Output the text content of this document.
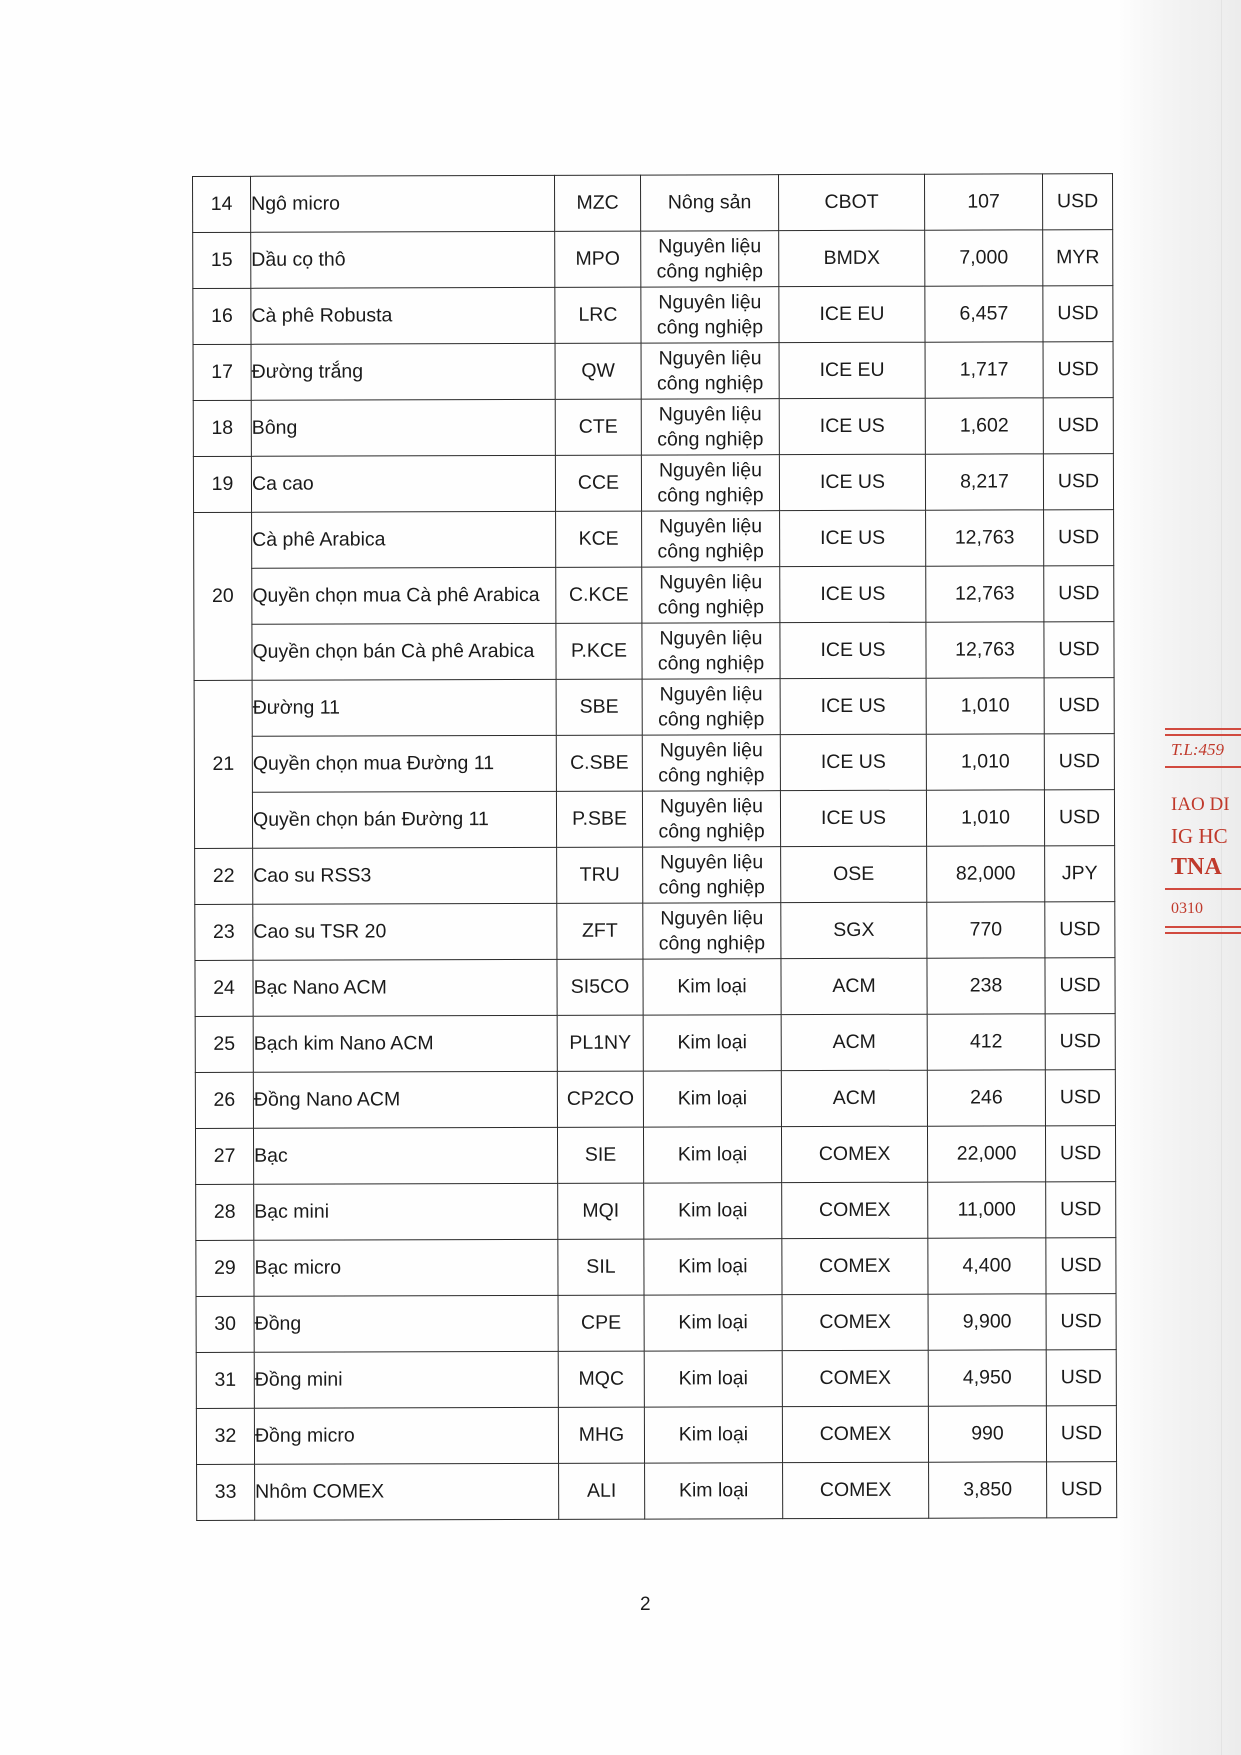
14	Ngô micro	MZC	Nông sản	CBOT	107	USD
15	Dầu cọ thô	MPO	Nguyên liệu công nghiệp	BMDX	7,000	MYR
16	Cà phê Robusta	LRC	Nguyên liệu công nghiệp	ICE EU	6,457	USD
17	Đường trắng	QW	Nguyên liệu công nghiệp	ICE EU	1,717	USD
18	Bông	CTE	Nguyên liệu công nghiệp	ICE US	1,602	USD
19	Ca cao	CCE	Nguyên liệu công nghiệp	ICE US	8,217	USD
20	Cà phê Arabica	KCE	Nguyên liệu công nghiệp	ICE US	12,763	USD
	Quyền chọn mua Cà phê Arabica	C.KCE	Nguyên liệu công nghiệp	ICE US	12,763	USD
	Quyền chọn bán Cà phê Arabica	P.KCE	Nguyên liệu công nghiệp	ICE US	12,763	USD
21	Đường 11	SBE	Nguyên liệu công nghiệp	ICE US	1,010	USD
	Quyền chọn mua Đường 11	C.SBE	Nguyên liệu công nghiệp	ICE US	1,010	USD
	Quyền chọn bán Đường 11	P.SBE	Nguyên liệu công nghiệp	ICE US	1,010	USD
22	Cao su RSS3	TRU	Nguyên liệu công nghiệp	OSE	82,000	JPY
23	Cao su TSR 20	ZFT	Nguyên liệu công nghiệp	SGX	770	USD
24	Bạc Nano ACM	SI5CO	Kim loại	ACM	238	USD
25	Bạch kim Nano ACM	PL1NY	Kim loại	ACM	412	USD
26	Đồng Nano ACM	CP2CO	Kim loại	ACM	246	USD
27	Bạc	SIE	Kim loại	COMEX	22,000	USD
28	Bạc mini	MQI	Kim loại	COMEX	11,000	USD
29	Bạc micro	SIL	Kim loại	COMEX	4,400	USD
30	Đồng	CPE	Kim loại	COMEX	9,900	USD
31	Đồng mini	MQC	Kim loại	COMEX	4,950	USD
32	Đồng micro	MHG	Kim loại	COMEX	990	USD
33	Nhôm COMEX	ALI	Kim loại	COMEX	3,850	USD
2
T.L:459
IAO DI
IG HC
TNA
0310
